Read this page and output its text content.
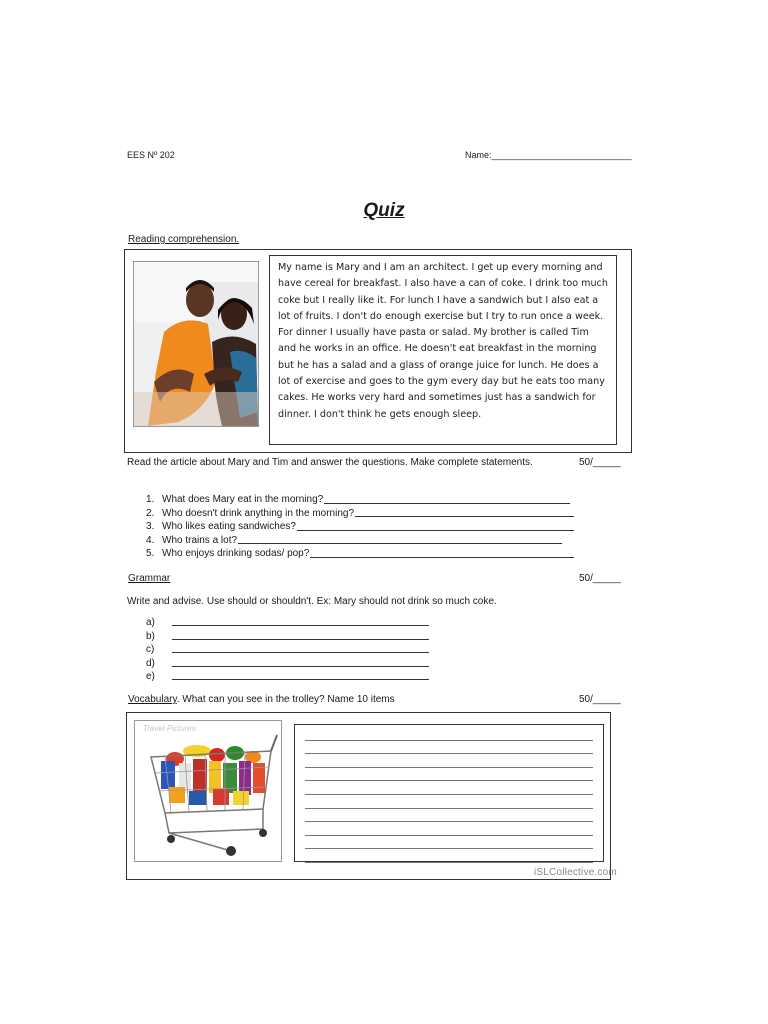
EES Nº 202	Name:____________________________
Quiz
Reading comprehension.
My name is Mary and I am an architect. I get up every morning and have cereal for breakfast. I also have a can of coke. I drink too much coke but I really like it. For lunch I have a sandwich but I also eat a lot of fruits. I don't do enough exercise but I try to run once a week. For dinner I usually have pasta or salad. My brother is called Tim and he works in an office. He doesn't eat breakfast in the morning but he has a salad and a glass of orange juice for lunch. He does a lot of exercise and goes to the gym every day but he eats too many cakes. He works very hard and sometimes just has a sandwich for dinner. I don't think he gets enough sleep.
Read the article about Mary and Tim and answer the questions. Make complete statements.	50/_____
1. What does Mary eat in the morning?
2. Who doesn't drink anything in the morning?
3. Who likes eating sandwiches?
4. Who trains a lot?
5. Who enjoys drinking sodas/ pop?
Grammar	50/_____
Write and advise. Use should or shouldn't. Ex: Mary should not drink so much coke.
a)
b)
c)
d)
e)
Vocabulary. What can you see in the trolley? Name 10 items	50/_____
Travel Pictures
iSLCollective.com
